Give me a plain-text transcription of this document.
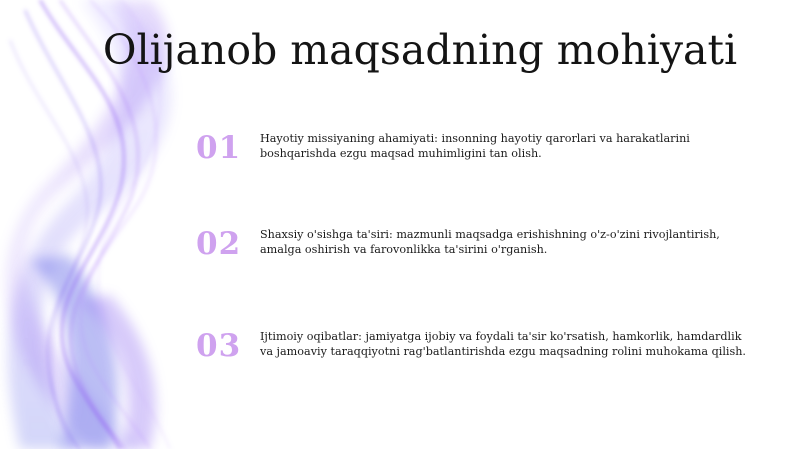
Olijanob maqsadning mohiyati
01	Hayotiy missiyaning ahamiyati: insonning hayotiy qarorlari va harakatlarini boshqarishda ezgu maqsad muhimligini tan olish.
02	Shaxsiy o'sishga ta'siri: mazmunli maqsadga erishishning o'z-o'zini rivojlantirish, amalga oshirish va farovonlikka ta'sirini o'rganish.
03	Ijtimoiy oqibatlar: jamiyatga ijobiy va foydali ta'sir ko'rsatish, hamkorlik, hamdardlik va jamoaviy taraqqiyotni rag'batlantirishda ezgu maqsadning rolini muhokama qilish.
